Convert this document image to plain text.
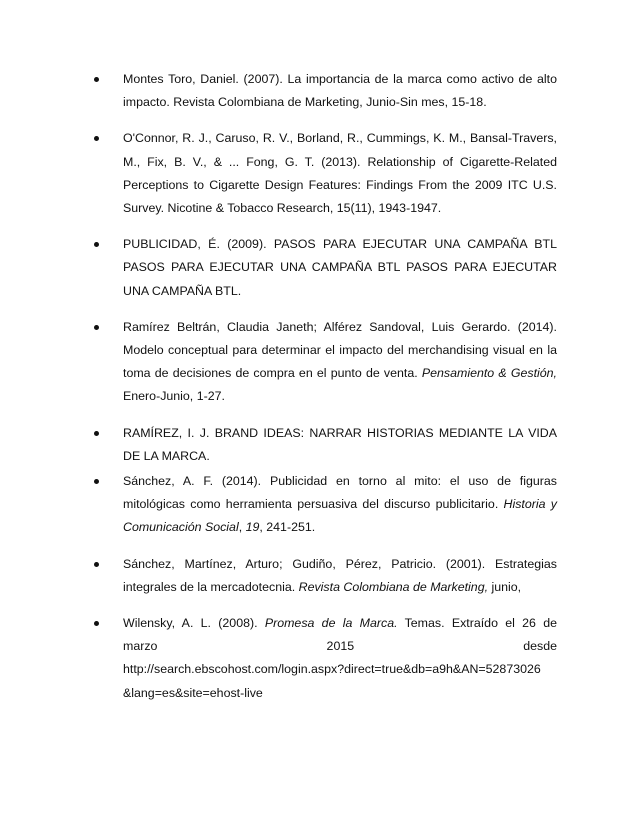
Montes Toro, Daniel. (2007). La importancia de la marca como activo de alto impacto. Revista Colombiana de Marketing, Junio-Sin mes, 15-18.
O'Connor, R. J., Caruso, R. V., Borland, R., Cummings, K. M., Bansal-Travers, M., Fix, B. V., & ... Fong, G. T. (2013). Relationship of Cigarette-Related Perceptions to Cigarette Design Features: Findings From the 2009 ITC U.S. Survey. Nicotine & Tobacco Research, 15(11), 1943-1947.
PUBLICIDAD, É. (2009). PASOS PARA EJECUTAR UNA CAMPAÑA BTL PASOS PARA EJECUTAR UNA CAMPAÑA BTL PASOS PARA EJECUTAR UNA CAMPAÑA BTL.
Ramírez Beltrán, Claudia Janeth; Alférez Sandoval, Luis Gerardo. (2014). Modelo conceptual para determinar el impacto del merchandising visual en la toma de decisiones de compra en el punto de venta. Pensamiento & Gestión, Enero-Junio, 1-27.
RAMÍREZ, I. J. BRAND IDEAS: NARRAR HISTORIAS MEDIANTE LA VIDA DE LA MARCA.
Sánchez, A. F. (2014). Publicidad en torno al mito: el uso de figuras mitológicas como herramienta persuasiva del discurso publicitario. Historia y Comunicación Social, 19, 241-251.
Sánchez, Martínez, Arturo; Gudiño, Pérez, Patricio. (2001). Estrategias integrales de la mercadotecnia. Revista Colombiana de Marketing, junio,
Wilensky, A. L. (2008). Promesa de la Marca. Temas. Extraído el 26 de
marzo	2015	desde
http://search.ebscohost.com/login.aspx?direct=true&db=a9h&AN=52873026
&lang=es&site=ehost-live
